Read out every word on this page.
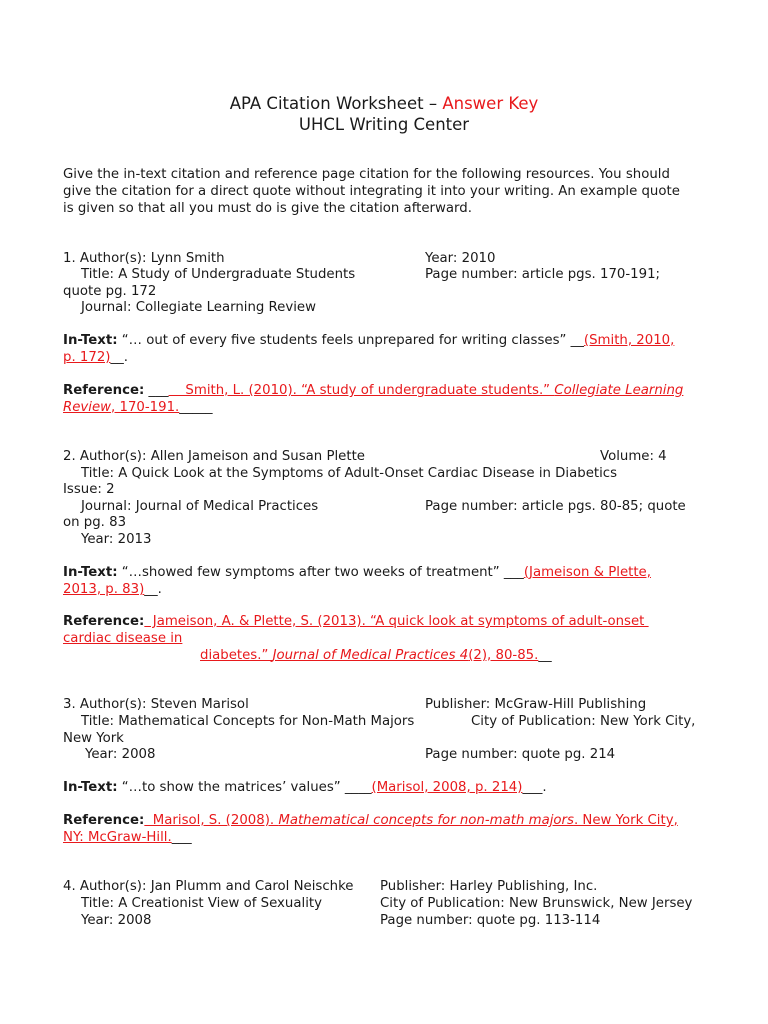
APA Citation Worksheet – Answer Key
UHCL Writing Center
Give the in-text citation and reference page citation for the following resources. You should
give the citation for a direct quote without integrating it into your writing. An example quote
is given so that all you must do is give the citation afterward.
1. Author(s): Lynn Smith	Year: 2010
Title: A Study of Undergraduate Students	Page number: article pgs. 170-191;
quote pg. 172
Journal: Collegiate Learning Review
In-Text: “… out of every five students feels unprepared for writing classes” __(Smith, 2010,
p. 172)__.
Reference: ___    Smith, L. (2010). “A study of undergraduate students.” Collegiate Learning
Review, 170-191._____
2. Author(s): Allen Jameison and Susan Plette	Volume: 4
Title: A Quick Look at the Symptoms of Adult-Onset Cardiac Disease in Diabetics
Issue: 2
Journal: Journal of Medical Practices	Page number: article pgs. 80-85; quote
on pg. 83
Year: 2013
In-Text: “…showed few symptoms after two weeks of treatment” ___(Jameison & Plette,
2013, p. 83)__.
Reference:  Jameison, A. & Plette, S. (2013). “A quick look at symptoms of adult-onset
cardiac disease in
diabetes.” Journal of Medical Practices 4(2), 80-85.__
3. Author(s): Steven Marisol	Publisher: McGraw-Hill Publishing
Title: Mathematical Concepts for Non-Math Majors	City of Publication: New York City,
New York
Year: 2008	Page number: quote pg. 214
In-Text: “…to show the matrices’ values” ____(Marisol, 2008, p. 214)___.
Reference:  Marisol, S. (2008). Mathematical concepts for non-math majors. New York City,
NY: McGraw-Hill.___
4. Author(s): Jan Plumm and Carol Neischke Publisher: Harley Publishing, Inc.
Title: A Creationist View of Sexuality	City of Publication: New Brunswick, New Jersey
Year: 2008	Page number: quote pg. 113-114
